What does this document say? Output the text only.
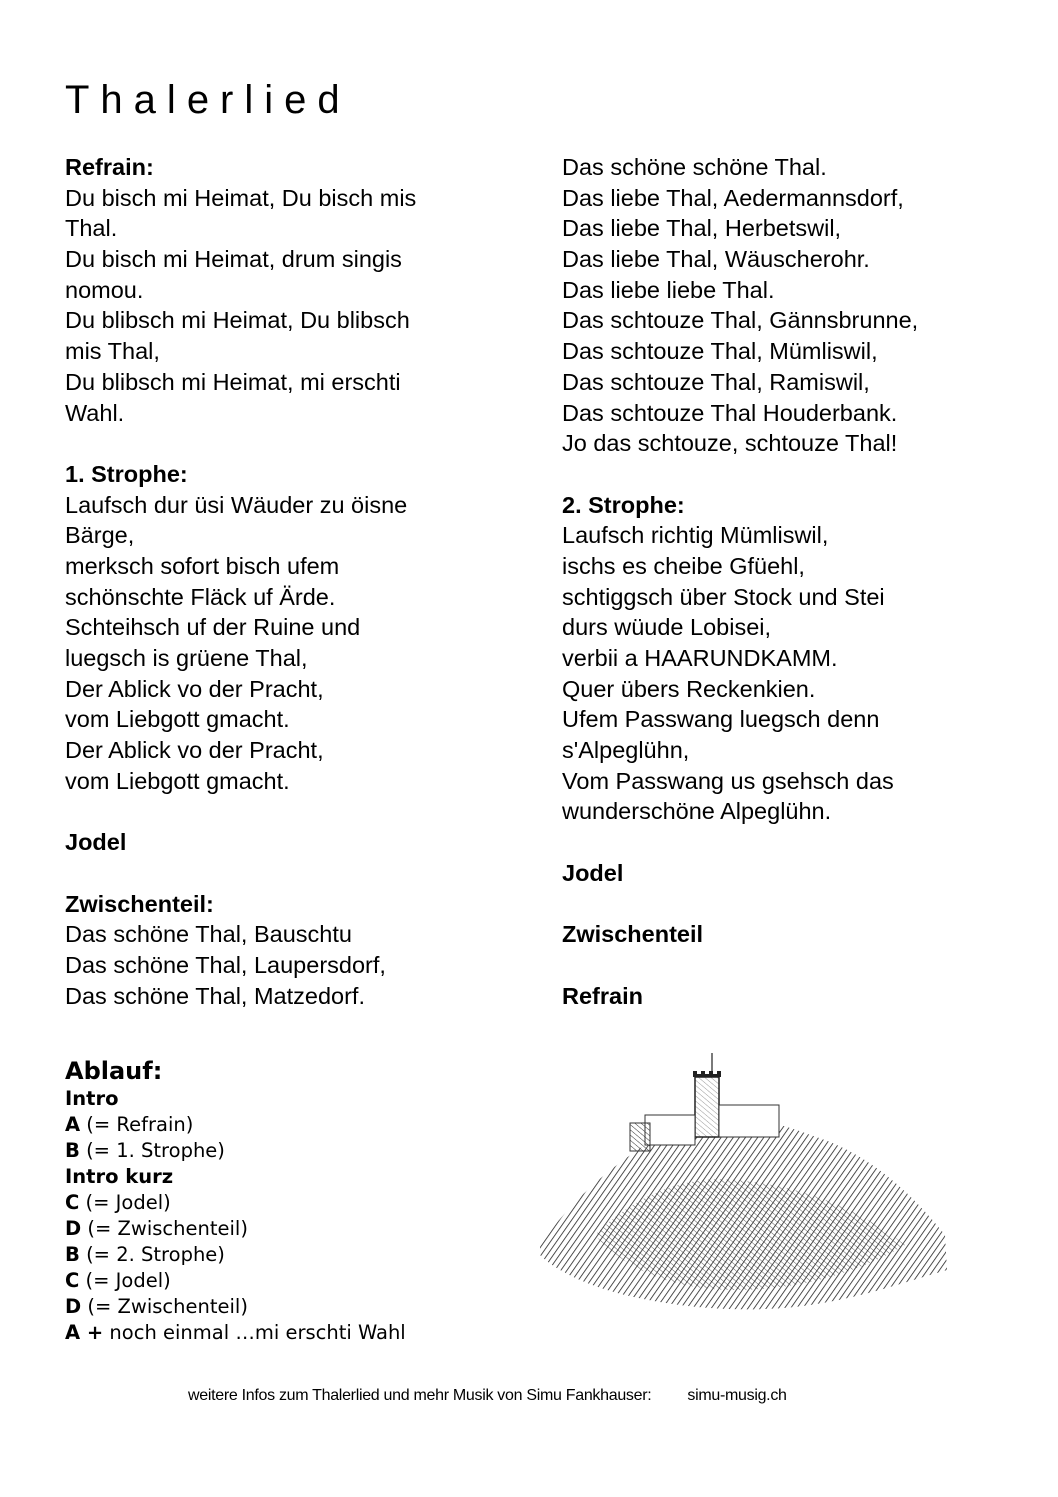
Thalerlied
Refrain:
Du bisch mi Heimat, Du bisch mis
Thal.
Du bisch mi Heimat, drum singis
nomou.
Du blibsch mi Heimat, Du blibsch
mis Thal,
Du blibsch mi Heimat, mi erschti
Wahl.
1. Strophe:
Laufsch dur üsi Wäuder zu öisne
Bärge,
merksch sofort bisch ufem
schönschte Fläck uf Ärde.
Schteihsch uf der Ruine und
luegsch is grüene Thal,
Der Ablick vo der Pracht,
vom Liebgott gmacht.
Der Ablick vo der Pracht,
vom Liebgott gmacht.
Jodel
Zwischenteil:
Das schöne Thal, Bauschtu
Das schöne Thal, Laupersdorf,
Das schöne Thal, Matzedorf.
Das schöne schöne Thal.
Das liebe Thal, Aedermannsdorf,
Das liebe Thal, Herbetswil,
Das liebe Thal, Wäuscherohr.
Das liebe liebe Thal.
Das schtouze Thal, Gännsbrunne,
Das schtouze Thal, Mümliswil,
Das schtouze Thal, Ramiswil,
Das schtouze Thal Houderbank.
Jo das schtouze, schtouze Thal!
2. Strophe:
Laufsch richtig Mümliswil,
ischs es cheibe Gfüehl,
schtiggsch über Stock und Stei
durs wüude Lobisei,
verbii a HAARUNDKAMM.
Quer übers Reckenkien.
Ufem Passwang luegsch denn
s'Alpeglühn,
Vom Passwang us gsehsch das
wunderschöne Alpeglühn.
Jodel
Zwischenteil
Refrain
Ablauf:
Intro
A (= Refrain)
B (= 1. Strophe)
Intro kurz
C (= Jodel)
D (= Zwischenteil)
B (= 2. Strophe)
C (= Jodel)
D (= Zwischenteil)
A + noch einmal …mi erschti Wahl
weitere Infos zum Thalerlied und mehr Musik von Simu Fankhauser: simu-musig.ch
